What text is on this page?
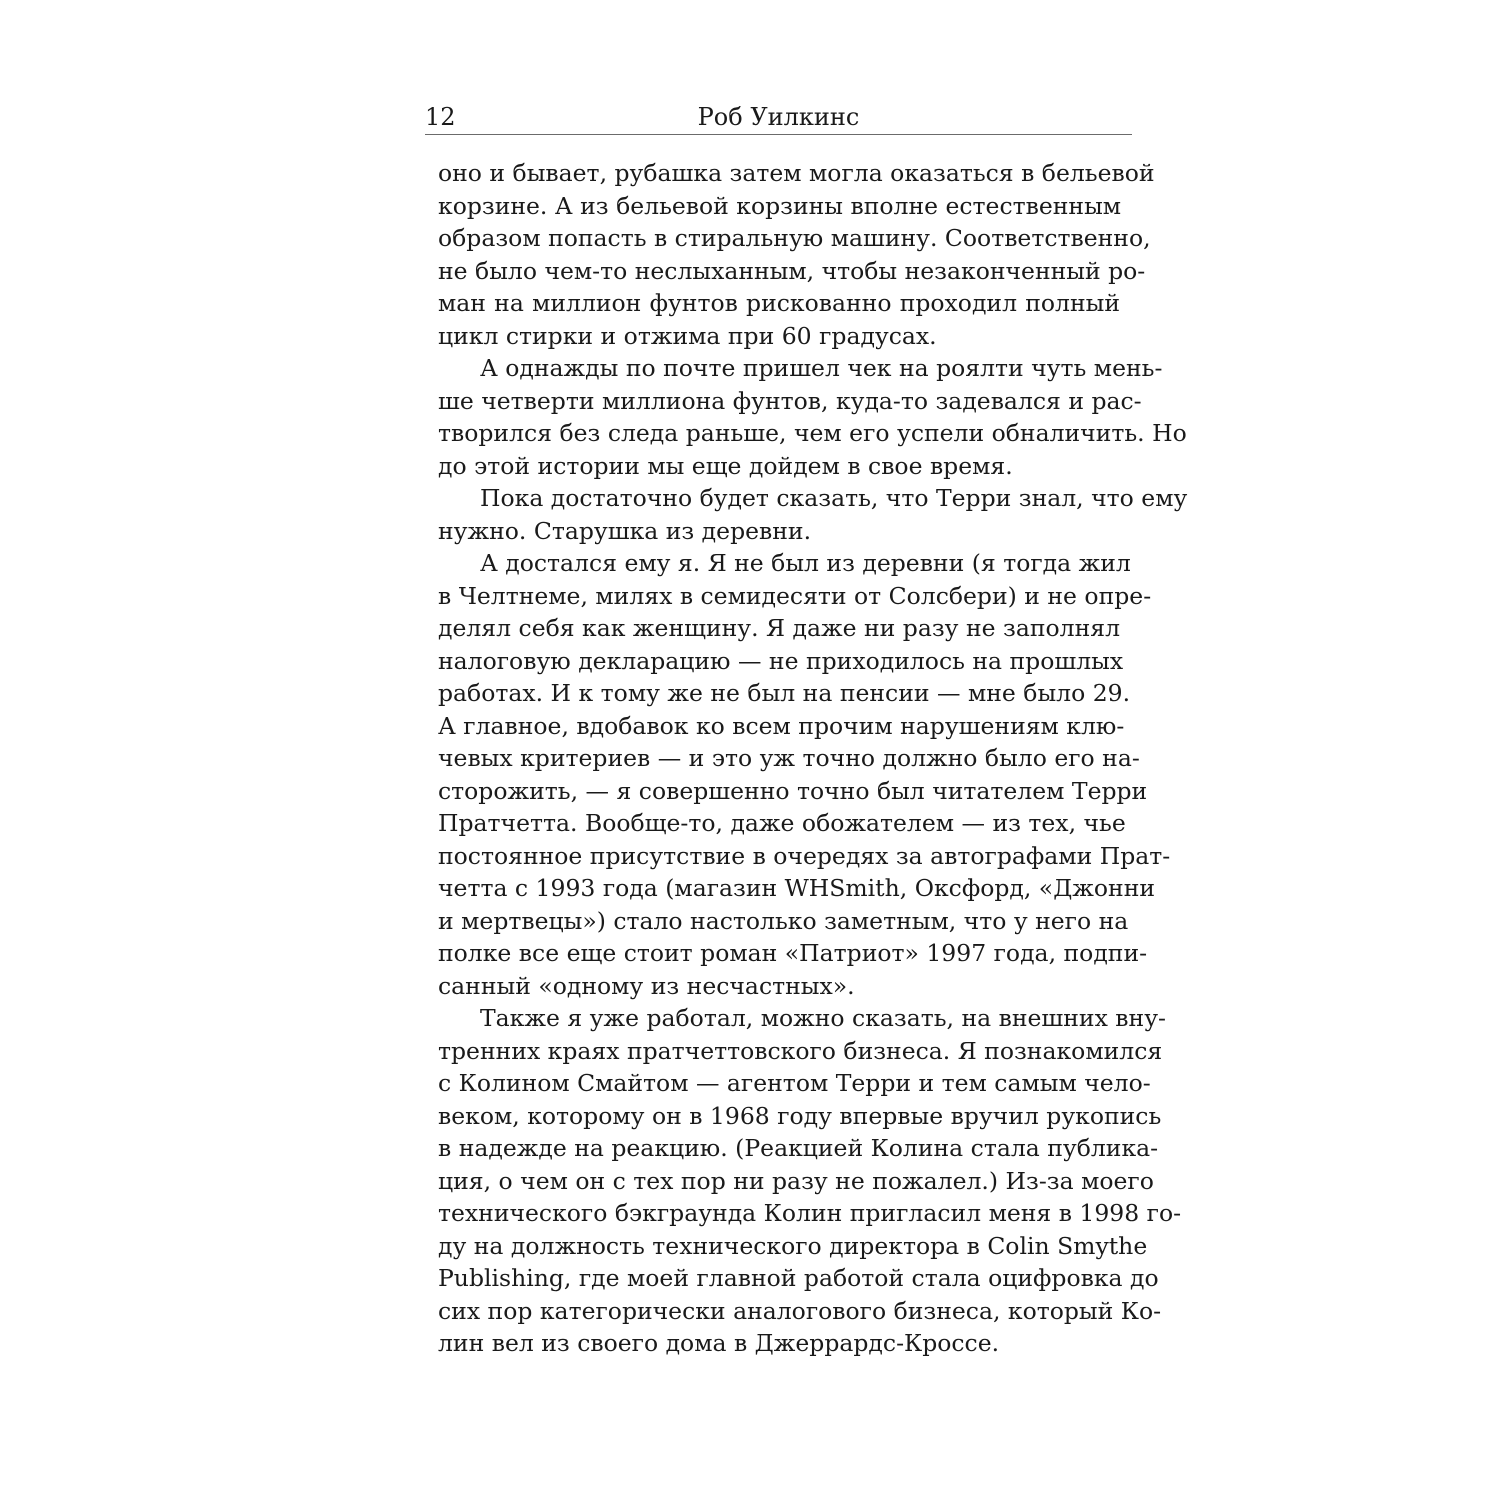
12	Роб Уилкинс

оно и бывает, рубашка затем могла оказаться в бельевой
корзине. А из бельевой корзины вполне естественным
образом попасть в стиральную машину. Соответственно,
не было чем-то неслыханным, чтобы незаконченный ро-
ман на миллион фунтов рискованно проходил полный
цикл стирки и отжима при 60 градусах.

А однажды по почте пришел чек на роялти чуть мень-
ше четверти миллиона фунтов, куда-то задевался и рас-
творился без следа раньше, чем его успели обналичить. Но
до этой истории мы еще дойдем в свое время.

Пока достаточно будет сказать, что Терри знал, что ему
нужно. Старушка из деревни.

А достался ему я. Я не был из деревни (я тогда жил
в Челтнеме, милях в семидесяти от Солсбери) и не опре-
делял себя как женщину. Я даже ни разу не заполнял
налоговую декларацию — не приходилось на прошлых
работах. И к тому же не был на пенсии — мне было 29.
А главное, вдобавок ко всем прочим нарушениям клю-
чевых критериев — и это уж точно должно было его на-
сторожить, — я совершенно точно был читателем Терри
Пратчетта. Вообще-то, даже обожателем — из тех, чье
постоянное присутствие в очередях за автографами Прат-
четта с 1993 года (магазин WHSmith, Оксфорд, «Джонни
и мертвецы») стало настолько заметным, что у него на
полке все еще стоит роман «Патриот» 1997 года, подпи-
санный «одному из несчастных».

Также я уже работал, можно сказать, на внешних вну-
тренних краях пратчеттовского бизнеса. Я познакомился
с Колином Смайтом — агентом Терри и тем самым чело-
веком, которому он в 1968 году впервые вручил рукопись
в надежде на реакцию. (Реакцией Колина стала публика-
ция, о чем он с тех пор ни разу не пожалел.) Из-за моего
технического бэкграунда Колин пригласил меня в 1998 го-
ду на должность технического директора в Colin Smythe
Publishing, где моей главной работой стала оцифровка до
сих пор категорически аналогового бизнеса, который Ко-
лин вел из своего дома в Джеррардс-Кроссе.
